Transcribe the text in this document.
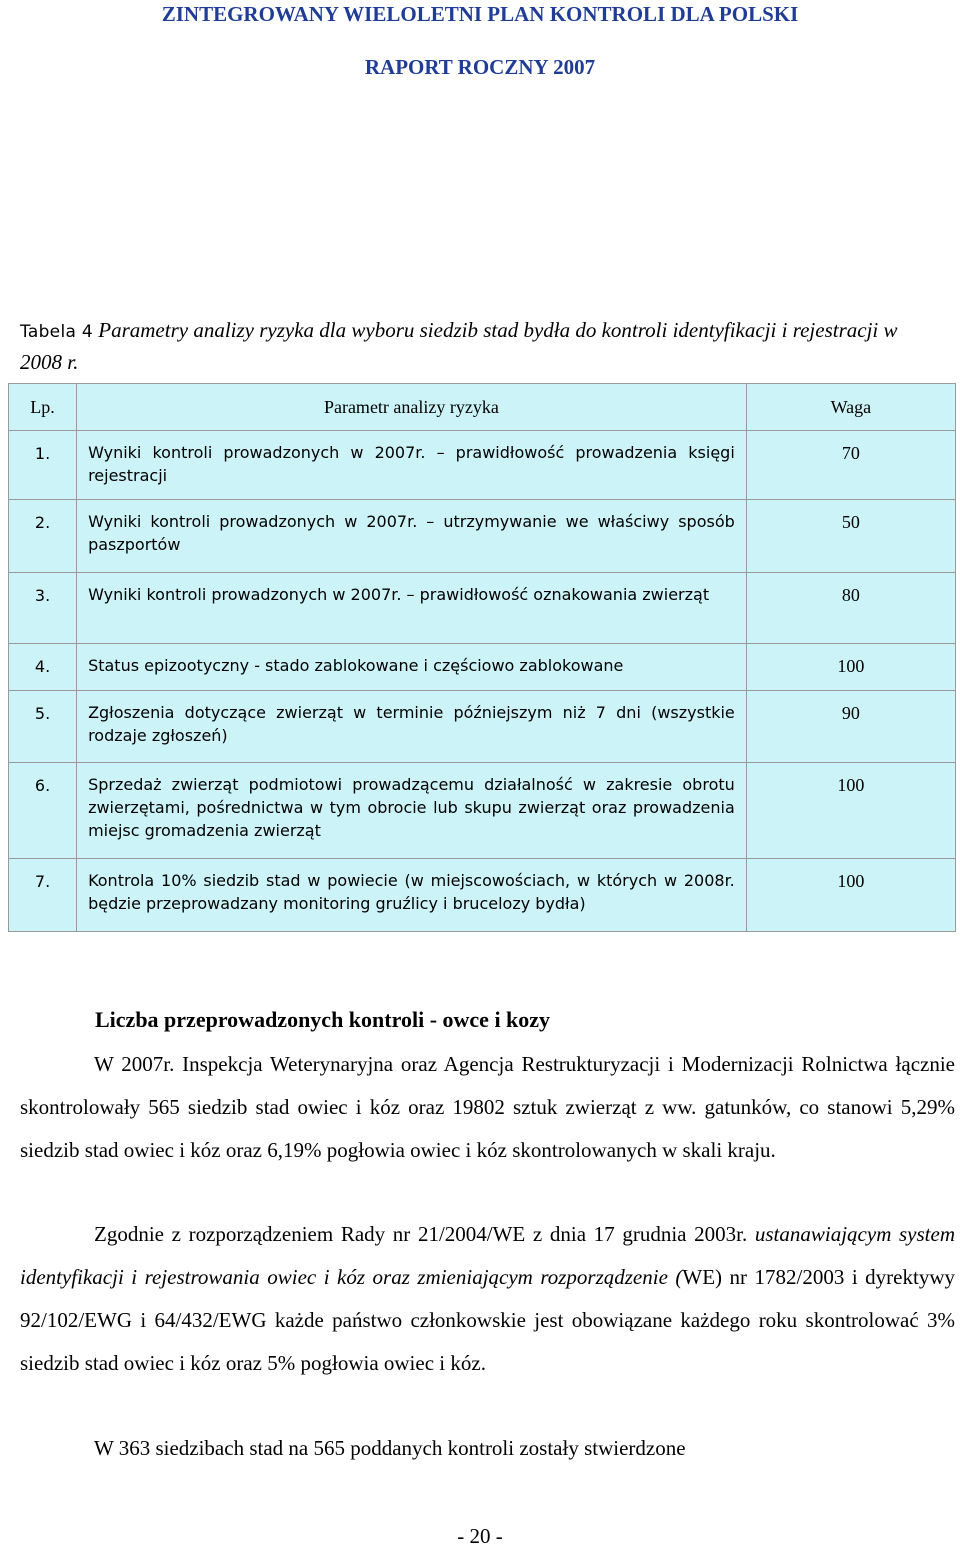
ZINTEGROWANY WIELOLETNI PLAN KONTROLI DLA POLSKI
RAPORT ROCZNY 2007
Tabela 4 Parametry analizy ryzyka dla wyboru siedzib stad bydła do kontroli identyfikacji i rejestracji w 2008 r.
Lp.	Parametr analizy ryzyka	Waga
1.	Wyniki kontroli prowadzonych w 2007r. – prawidłowość prowadzenia księgi rejestracji	70
2.	Wyniki kontroli prowadzonych w 2007r. – utrzymywanie we właściwy sposób paszportów	50
3.	Wyniki kontroli prowadzonych w 2007r. – prawidłowość oznakowania zwierząt	80
4.	Status epizootyczny - stado zablokowane i częściowo zablokowane	100
5.	Zgłoszenia dotyczące zwierząt w terminie późniejszym niż 7 dni (wszystkie rodzaje zgłoszeń)	90
6.	Sprzedaż zwierząt podmiotowi prowadzącemu działalność w zakresie obrotu zwierzętami, pośrednictwa w tym obrocie lub skupu zwierząt oraz prowadzenia miejsc gromadzenia zwierząt	100
7.	Kontrola 10% siedzib stad w powiecie (w miejscowościach, w których w 2008r. będzie przeprowadzany monitoring gruźlicy i brucelozy bydła)	100
Liczba przeprowadzonych kontroli - owce i kozy
W 2007r. Inspekcja Weterynaryjna oraz Agencja Restrukturyzacji i Modernizacji Rolnictwa łącznie skontrolowały 565 siedzib stad owiec i kóz oraz 19802 sztuk zwierząt z ww. gatunków, co stanowi 5,29% siedzib stad owiec i kóz oraz 6,19% pogłowia owiec i kóz skontrolowanych w skali kraju.
Zgodnie z rozporządzeniem Rady nr 21/2004/WE z dnia 17 grudnia 2003r. ustanawiającym system identyfikacji i rejestrowania owiec i kóz oraz zmieniającym rozporządzenie (WE) nr 1782/2003 i dyrektywy 92/102/EWG i 64/432/EWG każde państwo członkowskie jest obowiązane każdego roku skontrolować 3% siedzib stad owiec i kóz oraz 5% pogłowia owiec i kóz.
W 363 siedzibach stad na 565 poddanych kontroli zostały stwierdzone
- 20 -
